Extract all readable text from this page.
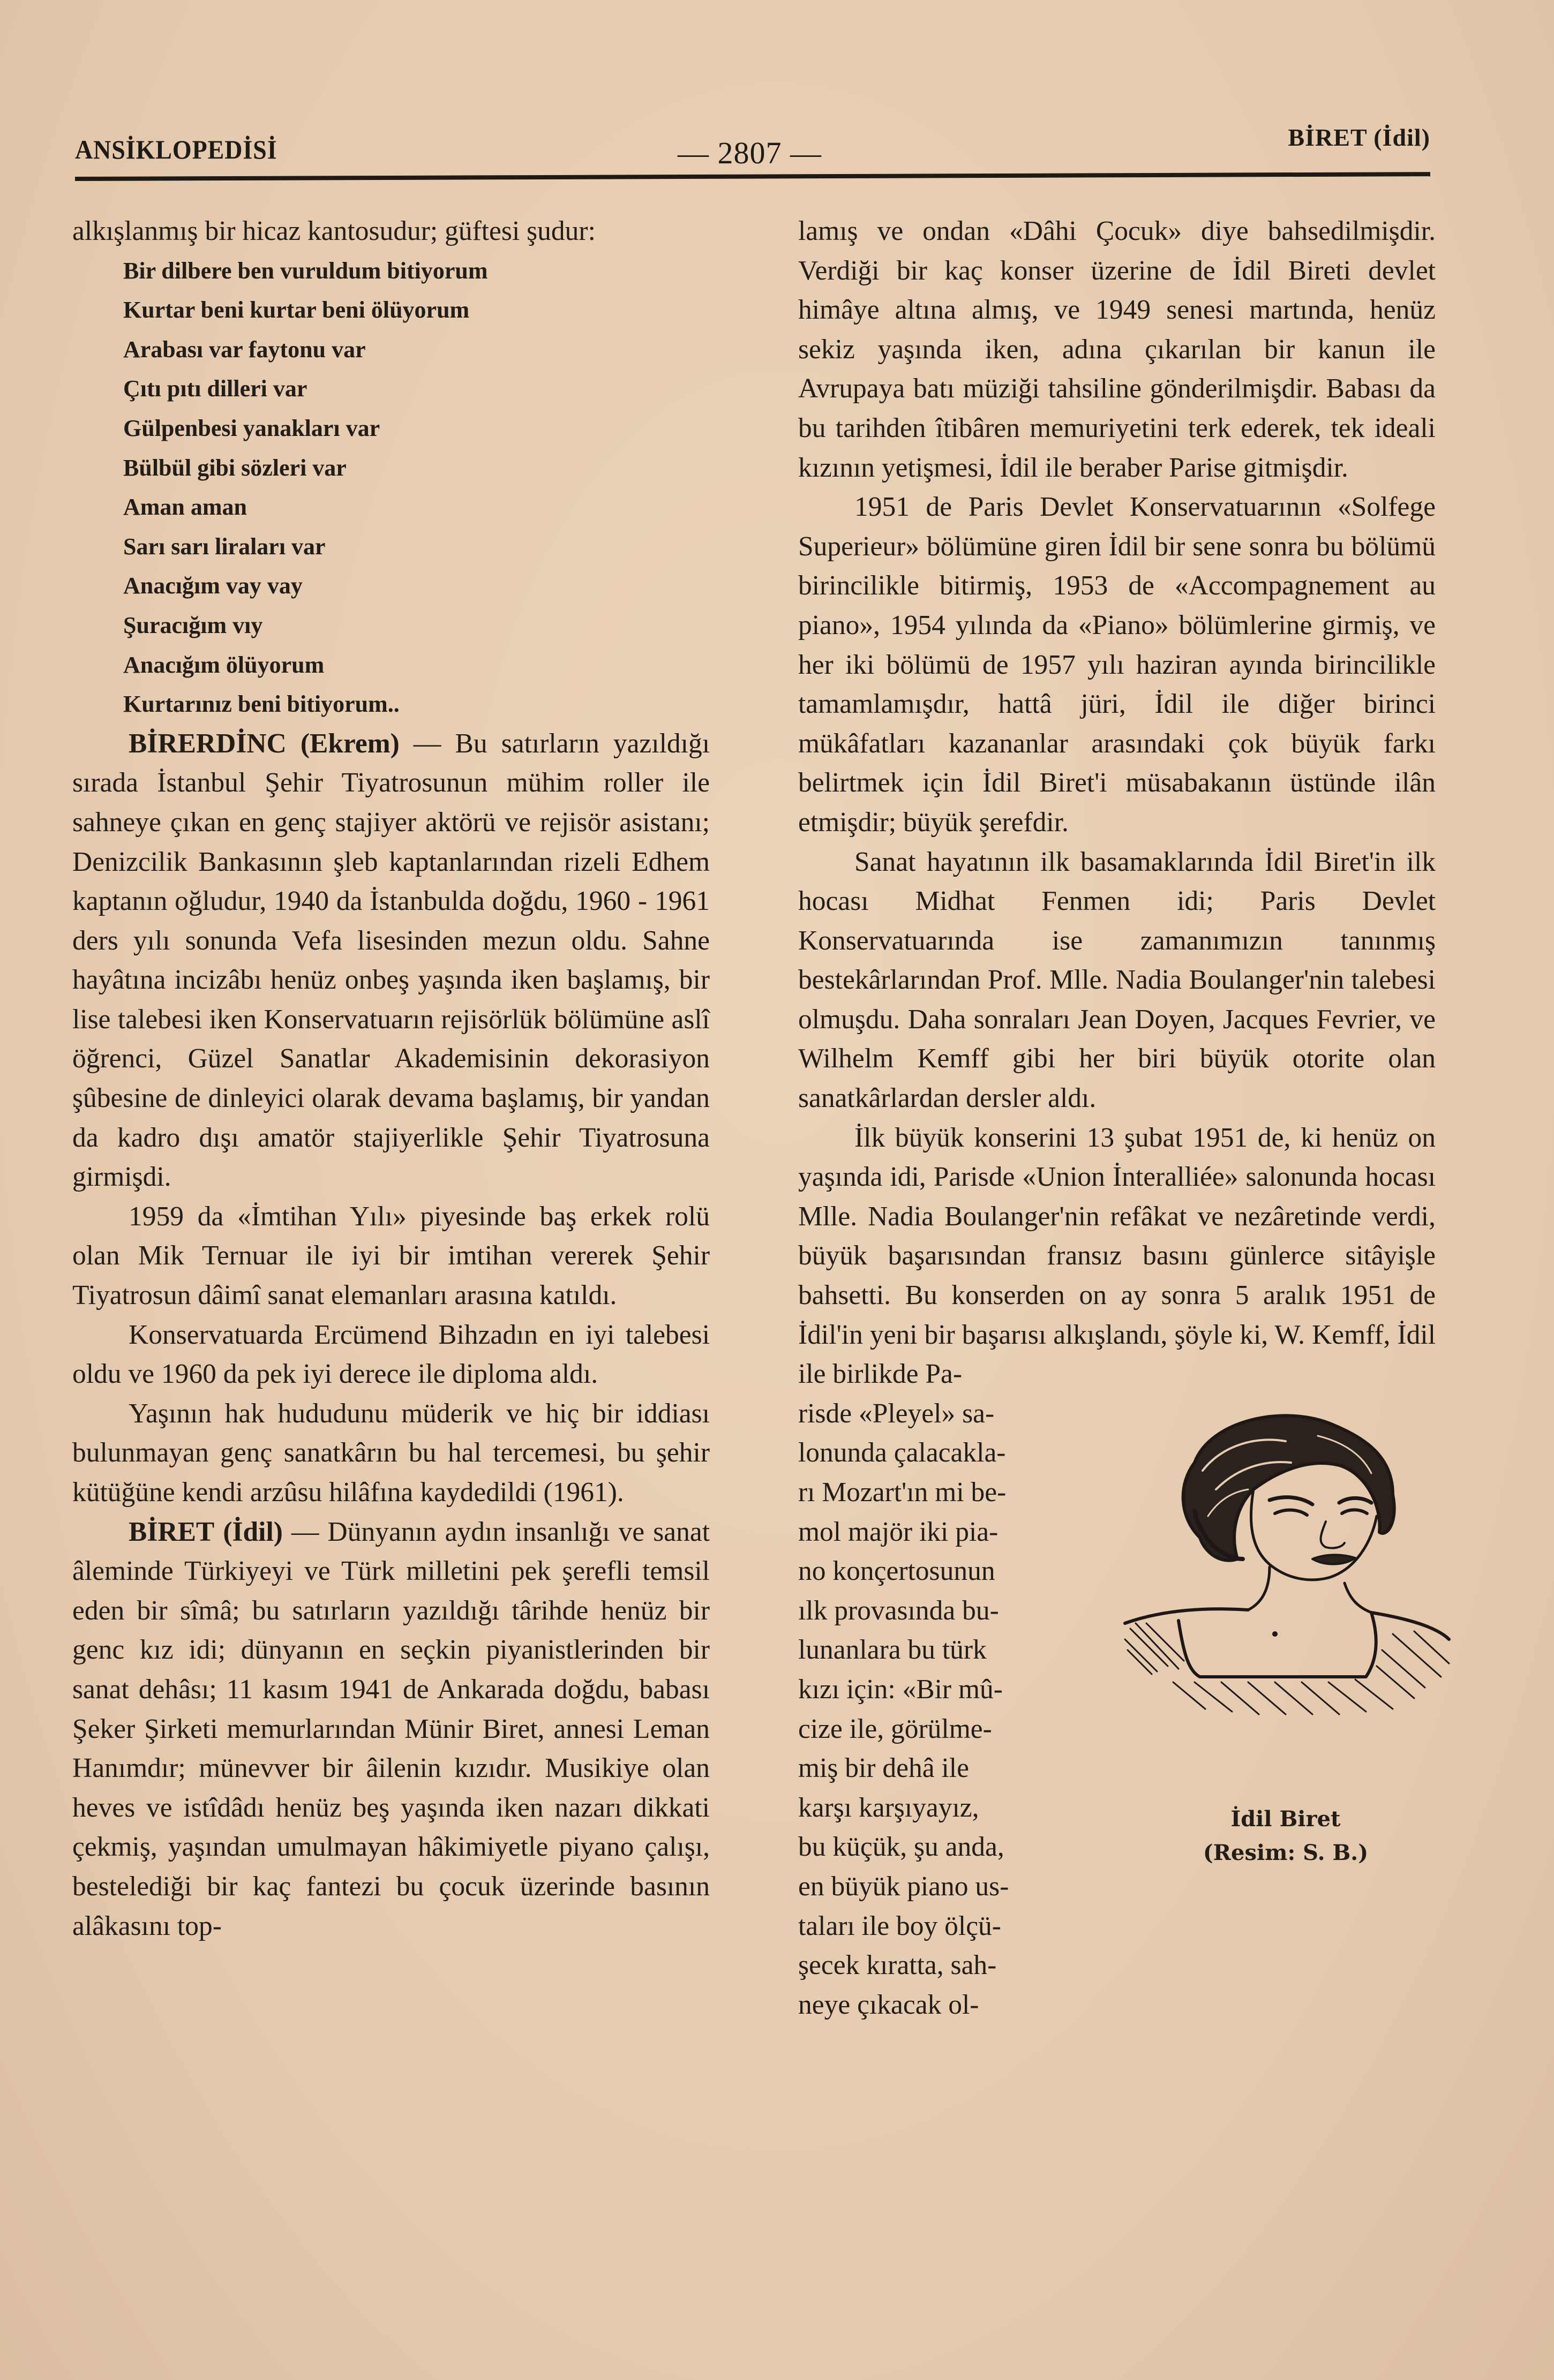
ANSİKLOPEDİSİ	— 2807 —	BİRET (İdil)

alkışlanmış bir hicaz kantosudur; güftesi şudur:

Bir dilbere ben vuruldum bitiyorum

Kurtar beni kurtar beni ölüyorum

Arabası var faytonu var

Çıtı pıtı dilleri var

Gülpenbesi yanakları var

Bülbül gibi sözleri var

Aman aman

Sarı sarı liraları var

Anacığım vay vay

Şuracığım vıy

Anacığım ölüyorum

Kurtarınız beni bitiyorum..

BİRERDİNC (Ekrem) — Bu satırların yazıldığı sırada İstanbul Şehir Tiyatrosunun mühim roller ile sahneye çıkan en genç stajiyer aktörü ve rejisör asistanı; Denizcilik Bankasının şleb kaptanlarından rizeli Edhem kaptanın oğludur, 1940 da İstanbulda doğdu, 1960 - 1961 ders yılı sonunda Vefa lisesinden mezun oldu. Sahne hayâtına incizâbı henüz onbeş yaşında iken başlamış, bir lise talebesi iken Konservatuarın rejisörlük bölümüne aslî öğrenci, Güzel Sanatlar Akademisinin dekorasiyon şûbesine de dinleyici olarak devama başlamış, bir yandan da kadro dışı amatör stajiyerlikle Şehir Tiyatrosuna girmişdi.

1959 da «İmtihan Yılı» piyesinde baş erkek rolü olan Mik Ternuar ile iyi bir imtihan vererek Şehir Tiyatrosun dâimî sanat elemanları arasına katıldı.

Konservatuarda Ercümend Bihzadın en iyi talebesi oldu ve 1960 da pek iyi derece ile diploma aldı.

Yaşının hak hududunu müderik ve hiç bir iddiası bulunmayan genç sanatkârın bu hal tercemesi, bu şehir kütüğüne kendi arzûsu hilâfına kaydedildi (1961).

BİRET (İdil) — Dünyanın aydın insanlığı ve sanat âleminde Türkiyeyi ve Türk milletini pek şerefli temsil eden bir sîmâ; bu satırların yazıldığı târihde henüz bir genc kız idi; dünyanın en seçkin piyanistlerinden bir sanat dehâsı; 11 kasım 1941 de Ankarada doğdu, babası Şeker Şirketi memurlarından Münir Biret, annesi Leman Hanımdır; münevver bir âilenin kızıdır. Musikiye olan heves ve istîdâdı henüz beş yaşında iken nazarı dikkati çekmiş, yaşından umulmayan hâkimiyetle piyano çalışı, bestelediği bir kaç fantezi bu çocuk üzerinde basının alâkasını top-

lamış ve ondan «Dâhi Çocuk» diye bahsedilmişdir. Verdiği bir kaç konser üzerine de İdil Bireti devlet himâye altına almış, ve 1949 senesi martında, henüz sekiz yaşında iken, adına çıkarılan bir kanun ile Avrupaya batı müziği tahsiline gönderilmişdir. Babası da bu tarihden îtibâren memuriyetini terk ederek, tek ideali kızının yetişmesi, İdil ile beraber Parise gitmişdir.

1951 de Paris Devlet Konservatuarının «Solfege Superieur» bölümüne giren İdil bir sene sonra bu bölümü birincilikle bitirmiş, 1953 de «Accompagnement au piano», 1954 yılında da «Piano» bölümlerine girmiş, ve her iki bölümü de 1957 yılı haziran ayında birincilikle tamamlamışdır, hattâ jüri, İdil ile diğer birinci mükâfatları kazananlar arasındaki çok büyük farkı belirtmek için İdil Biret'i müsabakanın üstünde ilân etmişdir; büyük şerefdir.

Sanat hayatının ilk basamaklarında İdil Biret'in ilk hocası Midhat Fenmen idi; Paris Devlet Konservatuarında ise zamanımızın tanınmış bestekârlarından Prof. Mlle. Nadia Boulanger'nin talebesi olmuşdu. Daha sonraları Jean Doyen, Jacques Fevrier, ve Wilhelm Kemff gibi her biri büyük otorite olan sanatkârlardan dersler aldı.

İlk büyük konserini 13 şubat 1951 de, ki henüz on yaşında idi, Parisde «Union İnteralliée» salonunda hocası Mlle. Nadia Boulanger'nin refâkat ve nezâretinde verdi, büyük başarısından fransız basını günlerce sitâyişle bahsetti. Bu konserden on ay sonra 5 aralık 1951 de İdil'in yeni bir başarısı alkışlandı, şöyle ki, W. Kemff, İdil ile birlikde Pa-

İdil Biret
(Resim: S. B.)
risde «Pleyel» sa-
lonunda çalacakla-
rı Mozart'ın mi be-
mol majör iki pia-
no konçertosunun
ılk provasında bu-
lunanlara bu türk
kızı için: «Bir mû-
cize ile, görülme-
miş bir dehâ ile
karşı karşıyayız,
bu küçük, şu anda,
en büyük piano us-
taları ile boy ölçü-
şecek kıratta, sah-
neye çıkacak ol-
